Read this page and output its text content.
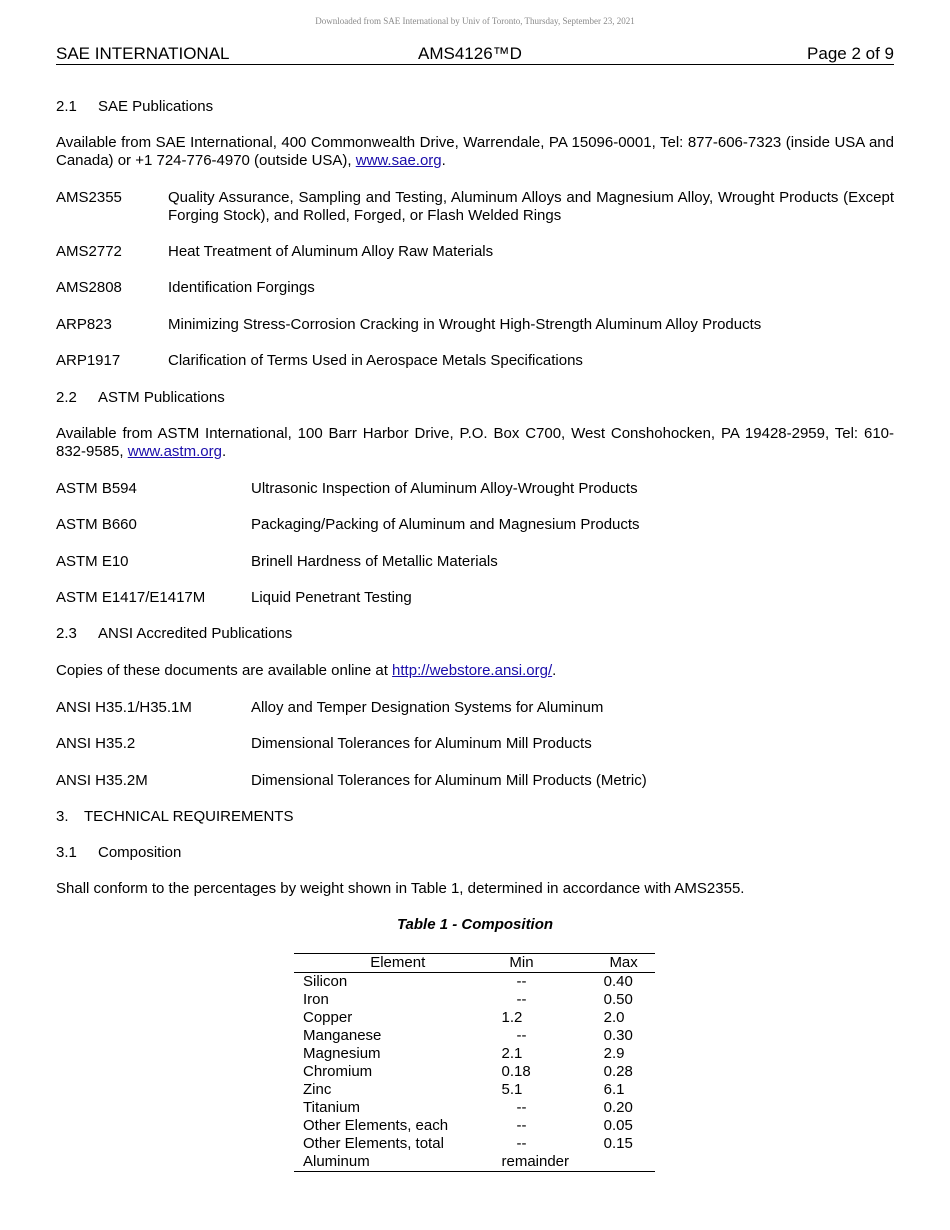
Downloaded from SAE International by Univ of Toronto, Thursday, September 23, 2021
SAE INTERNATIONAL	AMS4126™D	Page 2 of 9
2.1 SAE Publications
Available from SAE International, 400 Commonwealth Drive, Warrendale, PA 15096-0001, Tel: 877-606-7323 (inside USA and Canada) or +1 724-776-4970 (outside USA), www.sae.org.
AMS2355	Quality Assurance, Sampling and Testing, Aluminum Alloys and Magnesium Alloy, Wrought Products (Except Forging Stock), and Rolled, Forged, or Flash Welded Rings
AMS2772	Heat Treatment of Aluminum Alloy Raw Materials
AMS2808	Identification Forgings
ARP823	Minimizing Stress-Corrosion Cracking in Wrought High-Strength Aluminum Alloy Products
ARP1917	Clarification of Terms Used in Aerospace Metals Specifications
2.2 ASTM Publications
Available from ASTM International, 100 Barr Harbor Drive, P.O. Box C700, West Conshohocken, PA 19428-2959, Tel: 610-832-9585, www.astm.org.
ASTM B594	Ultrasonic Inspection of Aluminum Alloy-Wrought Products
ASTM B660	Packaging/Packing of Aluminum and Magnesium Products
ASTM E10	Brinell Hardness of Metallic Materials
ASTM E1417/E1417M	Liquid Penetrant Testing
2.3 ANSI Accredited Publications
Copies of these documents are available online at http://webstore.ansi.org/.
ANSI H35.1/H35.1M	Alloy and Temper Designation Systems for Aluminum
ANSI H35.2	Dimensional Tolerances for Aluminum Mill Products
ANSI H35.2M	Dimensional Tolerances for Aluminum Mill Products (Metric)
3. TECHNICAL REQUIREMENTS
3.1 Composition
Shall conform to the percentages by weight shown in Table 1, determined in accordance with AMS2355.
Table 1 - Composition
Element	Min	Max
Silicon	--	0.40
Iron	--	0.50
Copper	1.2	2.0
Manganese	--	0.30
Magnesium	2.1	2.9
Chromium	0.18	0.28
Zinc	5.1	6.1
Titanium	--	0.20
Other Elements, each	--	0.05
Other Elements, total	--	0.15
Aluminum	remainder	
